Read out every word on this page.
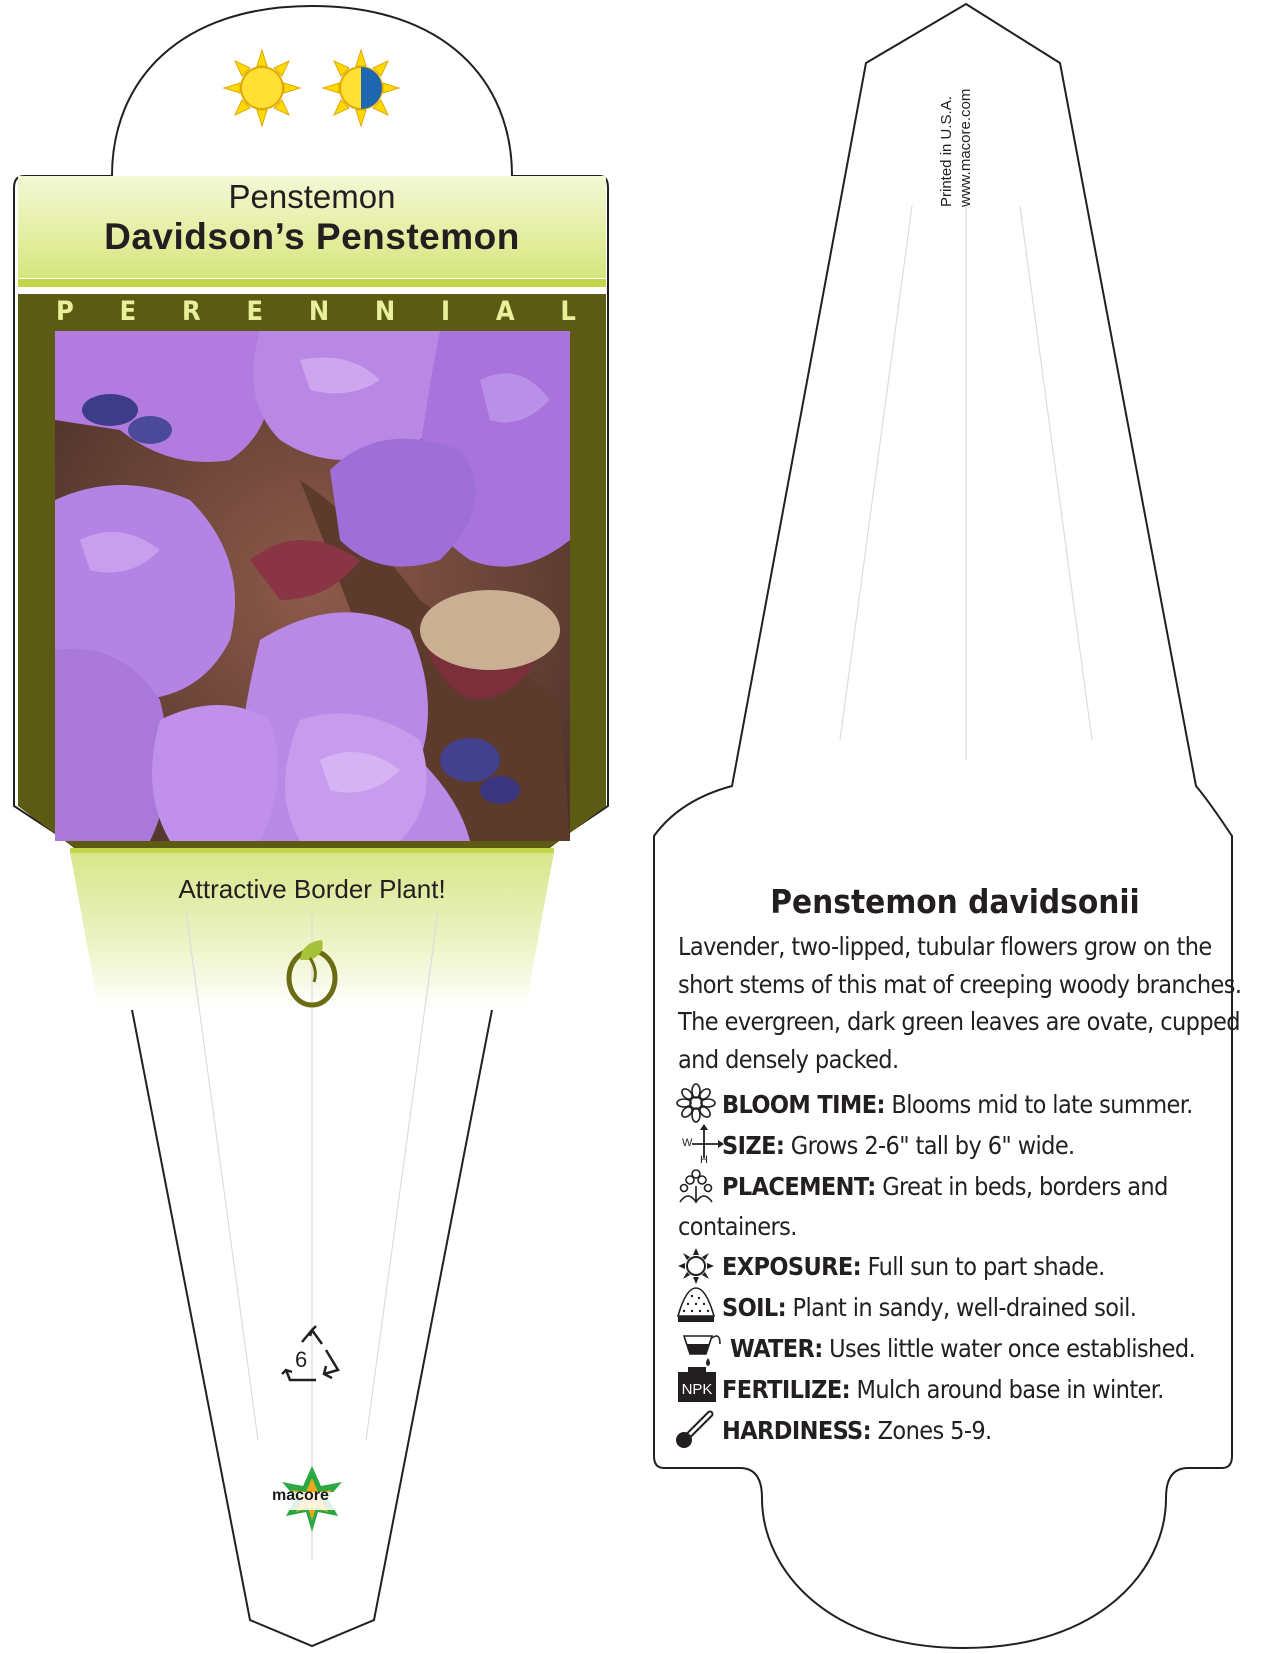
W
H
NPK
Penstemon
Davidson’s Penstemon
P E R E N N I A L
Attractive Border Plant!
6
macore
Printed in U.S.A. www.macore.com
Penstemon davidsonii
Lavender, two-lipped, tubular flowers grow on the short stems of this mat of creeping woody branches. The evergreen, dark green leaves are ovate, cupped and densely packed.
BLOOM TIME: Blooms mid to late summer.
SIZE: Grows 2-6" tall by 6" wide.
PLACEMENT: Great in beds, borders and
containers.
EXPOSURE: Full sun to part shade.
SOIL: Plant in sandy, well-drained soil.
WATER: Uses little water once established.
FERTILIZE: Mulch around base in winter.
HARDINESS: Zones 5-9.
